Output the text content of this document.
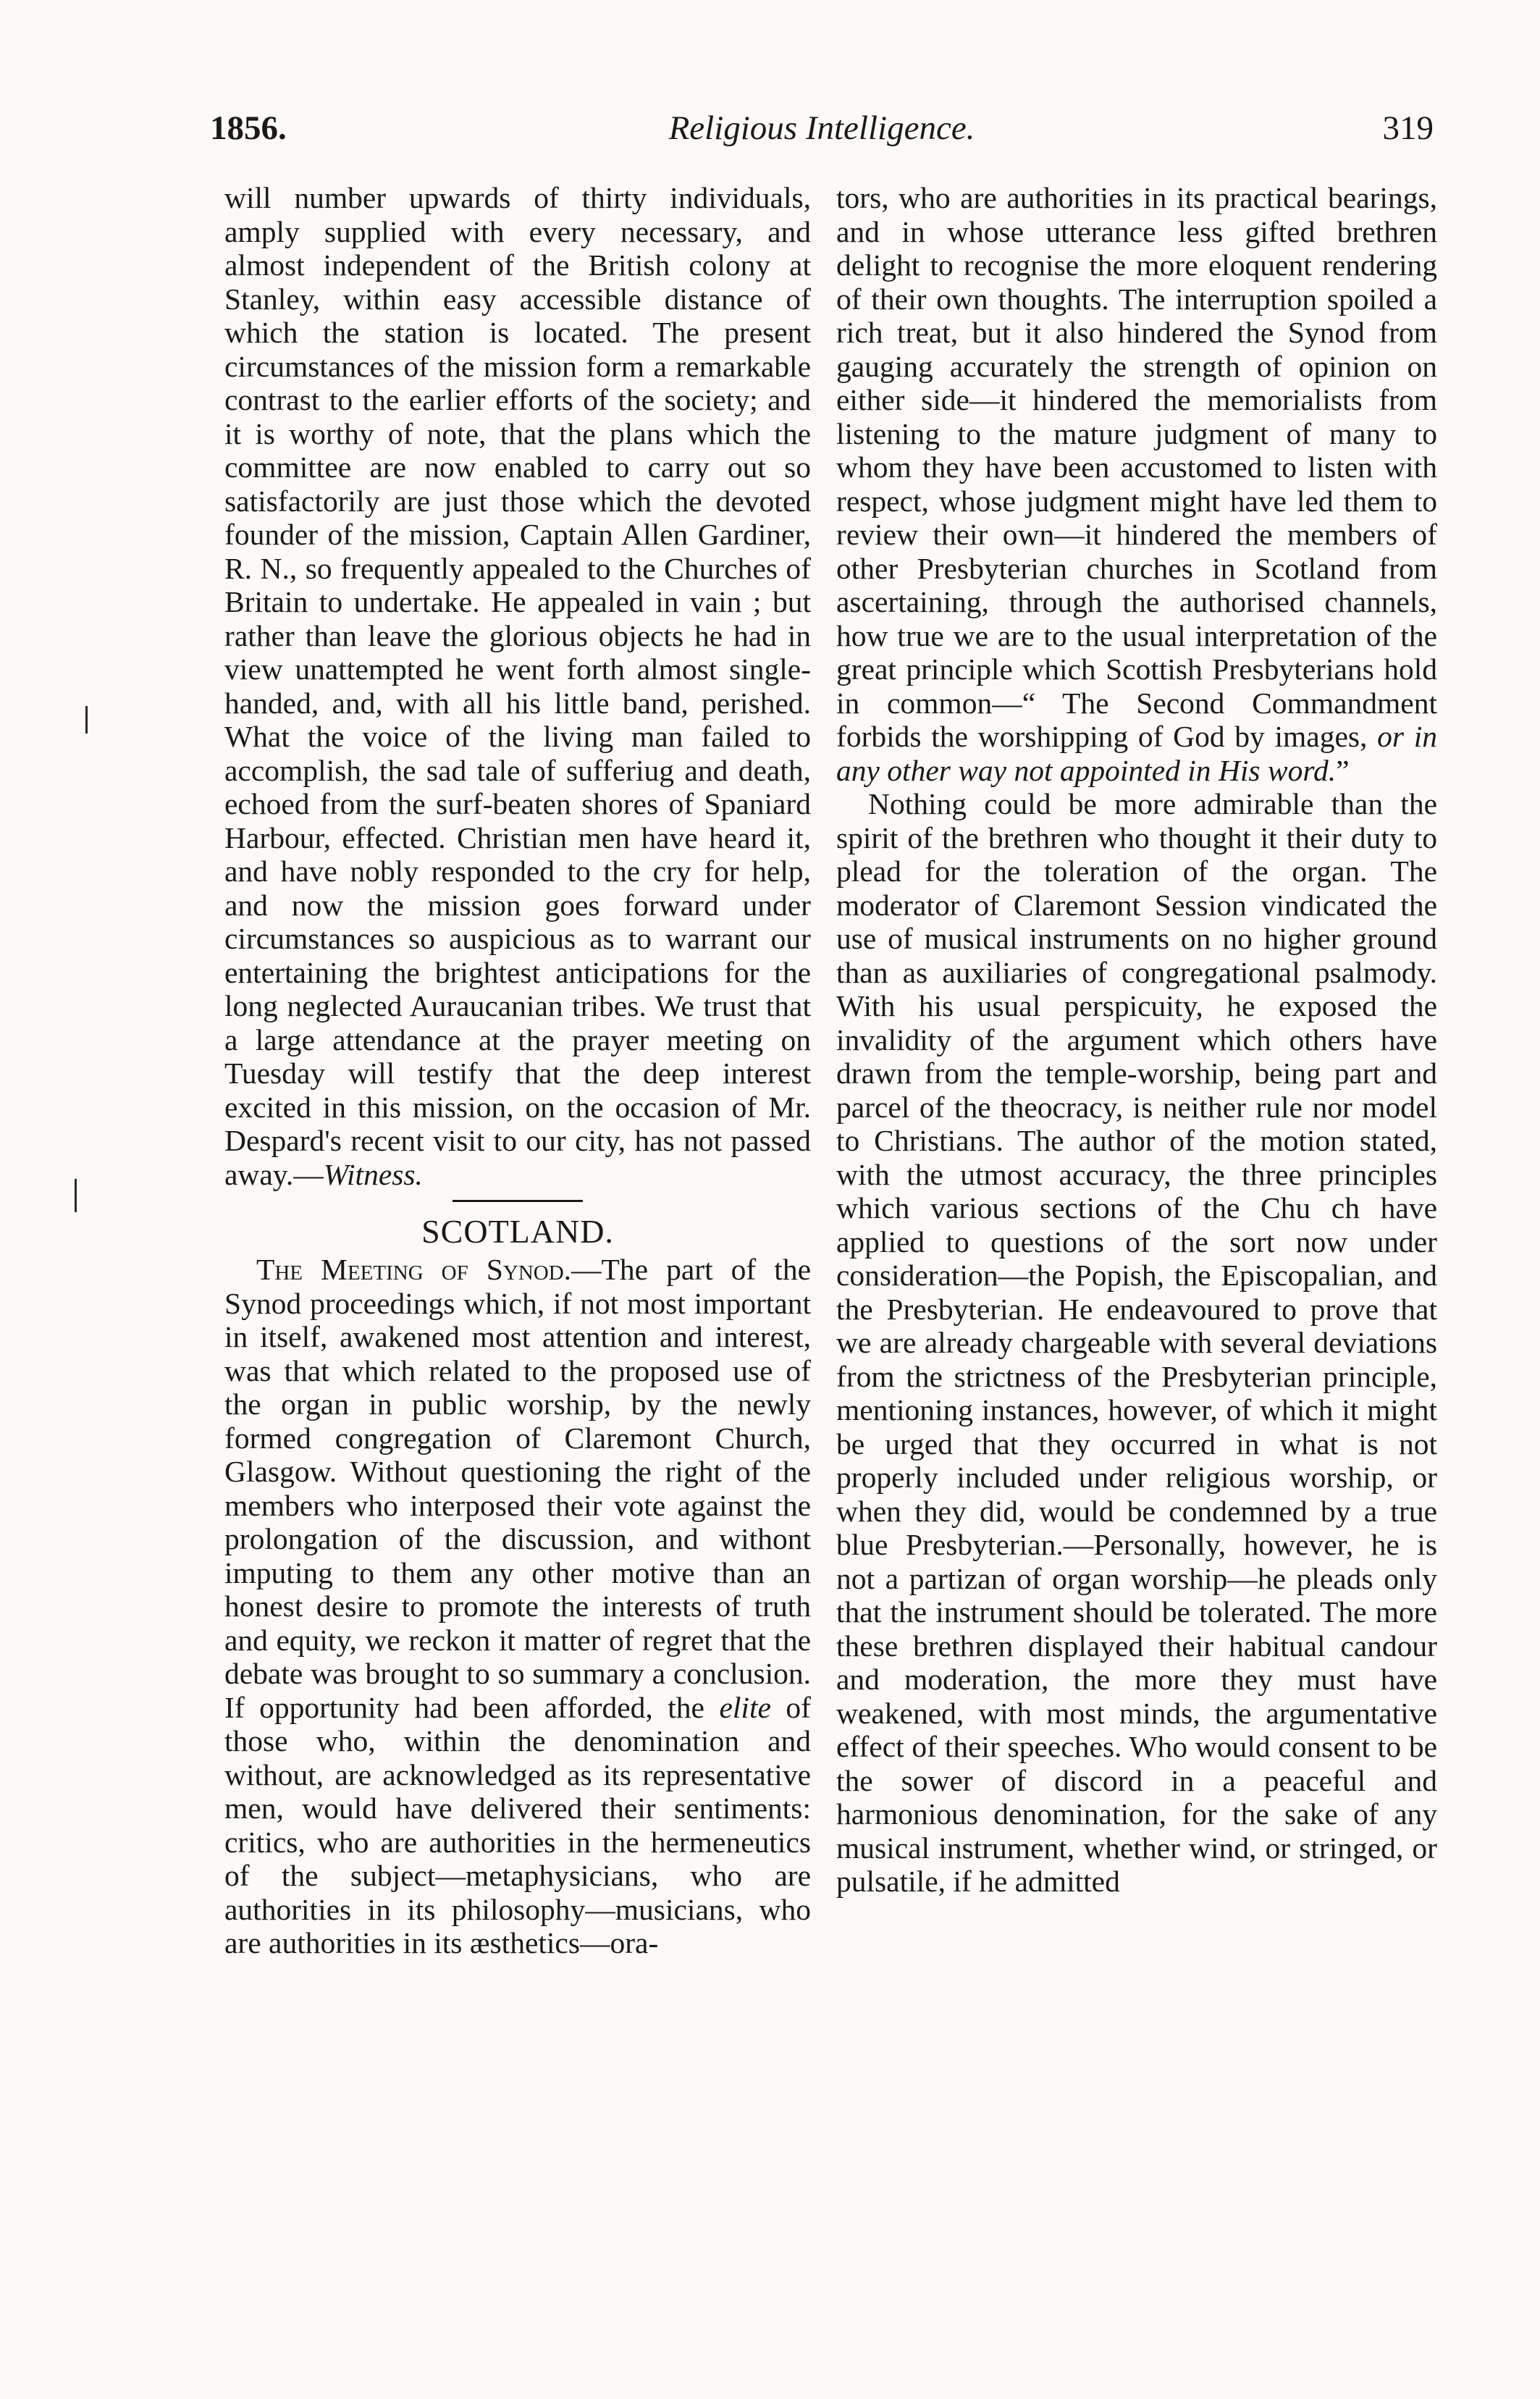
1856.	Religious Intelligence.	319

will number upwards of thirty individuals, amply supplied with every necessary, and almost independent of the British colony at Stanley, within easy accessible distance of which the station is located. The present circumstances of the mission form a remarkable contrast to the earlier efforts of the society; and it is worthy of note, that the plans which the committee are now enabled to carry out so satisfactorily are just those which the devoted founder of the mission, Captain Allen Gardiner, R. N., so frequently appealed to the Churches of Britain to undertake. He appealed in vain ; but rather than leave the glorious objects he had in view unattempted he went forth almost single-handed, and, with all his little band, perished. What the voice of the living man failed to accomplish, the sad tale of sufferiug and death, echoed from the surf-beaten shores of Spaniard Harbour, effected. Christian men have heard it, and have nobly responded to the cry for help, and now the mission goes forward under circumstances so auspicious as to warrant our entertaining the brightest anticipations for the long neglected Auraucanian tribes. We trust that a large attendance at the prayer meeting on Tuesday will testify that the deep interest excited in this mission, on the occasion of Mr. Despard's recent visit to our city, has not passed away.—Witness.

SCOTLAND.

The Meeting of Synod.—The part of the Synod proceedings which, if not most important in itself, awakened most attention and interest, was that which related to the proposed use of the organ in public worship, by the newly formed congregation of Claremont Church, Glasgow. Without questioning the right of the members who interposed their vote against the prolongation of the discussion, and withont imputing to them any other motive than an honest desire to promote the interests of truth and equity, we reckon it matter of regret that the debate was brought to so summary a conclusion. If opportunity had been afforded, the elite of those who, within the denomination and without, are acknowledged as its representative men, would have delivered their sentiments: critics, who are authorities in the hermeneutics of the subject—metaphysicians, who are authorities in its philosophy—musicians, who are authorities in its æsthetics—ora-

tors, who are authorities in its practical bearings, and in whose utterance less gifted brethren delight to recognise the more eloquent rendering of their own thoughts. The interruption spoiled a rich treat, but it also hindered the Synod from gauging accurately the strength of opinion on either side—it hindered the memorialists from listening to the mature judgment of many to whom they have been accustomed to listen with respect, whose judgment might have led them to review their own—it hindered the members of other Presbyterian churches in Scotland from ascertaining, through the authorised channels, how true we are to the usual interpretation of the great principle which Scottish Presbyterians hold in common—“ The Second Commandment forbids the worshipping of God by images, or in any other way not appointed in His word.”

Nothing could be more admirable than the spirit of the brethren who thought it their duty to plead for the toleration of the organ. The moderator of Claremont Session vindicated the use of musical instruments on no higher ground than as auxiliaries of congregational psalmody. With his usual perspicuity, he exposed the invalidity of the argument which others have drawn from the temple-worship, being part and parcel of the theocracy, is neither rule nor model to Christians. The author of the motion stated, with the utmost accuracy, the three principles which various sections of the Chu ch have applied to questions of the sort now under consideration—the Popish, the Episcopalian, and the Presbyterian. He endeavoured to prove that we are already chargeable with several deviations from the strictness of the Presbyterian principle, mentioning instances, however, of which it might be urged that they occurred in what is not properly included under religious worship, or when they did, would be condemned by a true blue Presbyterian.—Personally, however, he is not a partizan of organ worship—he pleads only that the instrument should be tolerated. The more these brethren displayed their habitual candour and moderation, the more they must have weakened, with most minds, the argumentative effect of their speeches. Who would consent to be the sower of discord in a peaceful and harmonious denomination, for the sake of any musical instrument, whether wind, or stringed, or pulsatile, if he admitted
